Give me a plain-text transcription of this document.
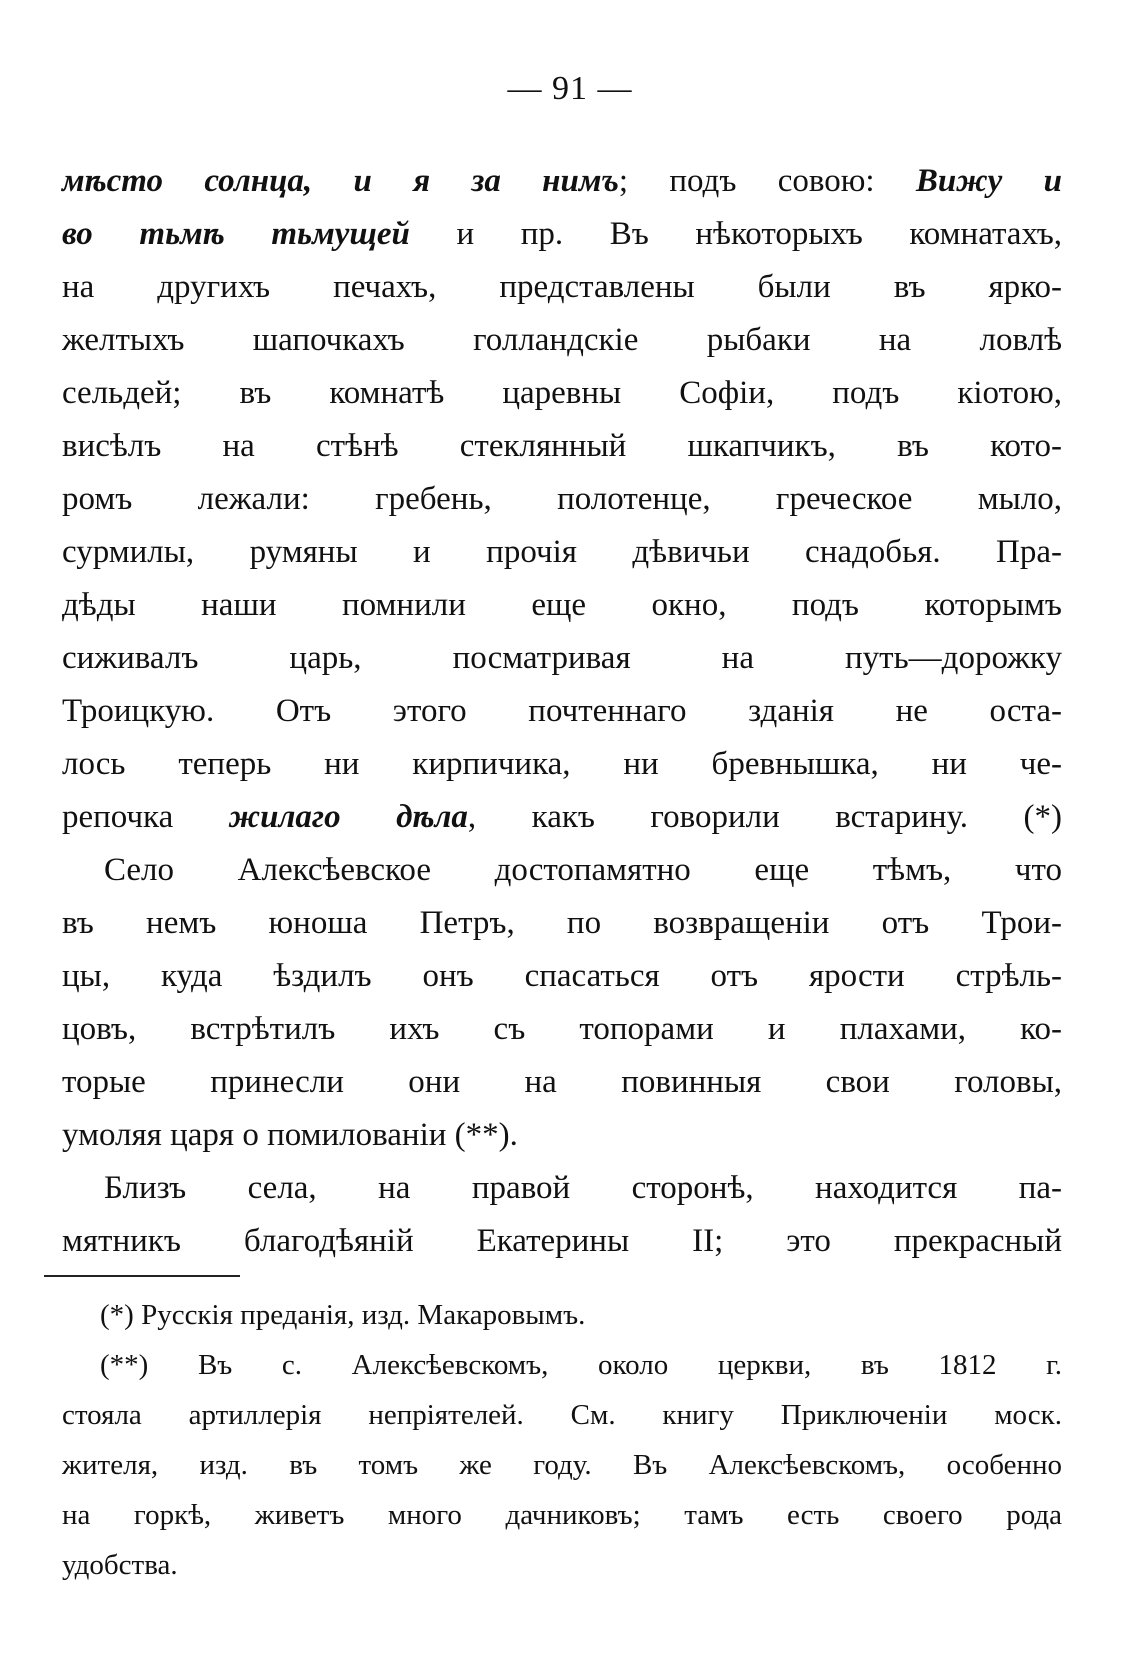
— 91 —
мѣсто солнца, и я за нимъ; подъ совою: Вижу и
во тьмѣ тьмущей и пр. Въ нѣкоторыхъ комнатахъ,
на другихъ печахъ, представлены были въ ярко-
желтыхъ шапочкахъ голландскіе рыбаки на ловлѣ
сельдей; въ комнатѣ царевны Софіи, подъ кіотою,
висѣлъ на стѣнѣ стеклянный шкапчикъ, въ кото-
ромъ лежали: гребень, полотенце, греческое мыло,
сурмилы, румяны и прочія дѣвичьи снадобья. Пра-
дѣды наши помнили еще окно, подъ которымъ
сиживалъ царь, посматривая на путь—дорожку
Троицкую. Отъ этого почтеннаго зданія не оста-
лось теперь ни кирпичика, ни бревнышка, ни че-
репочка жилаго дѣла, какъ говорили встарину. (*)
Село Алексѣевское достопамятно еще тѣмъ, что
въ немъ юноша Петръ, по возвращеніи отъ Трои-
цы, куда ѣздилъ онъ спасаться отъ ярости стрѣль-
цовъ, встрѣтилъ ихъ съ топорами и плахами, ко-
торые принесли они на повинныя свои головы,
умоляя царя о помилованіи (**).
Близъ села, на правой сторонѣ, находится па-
мятникъ благодѣяній Екатерины II; это прекрасный
(*) Русскія преданія, изд. Макаровымъ.
(**) Въ с. Алексѣевскомъ, около церкви, въ 1812 г.
стояла артиллерія непріятелей. См. книгу Приключеніи моск.
жителя, изд. въ томъ же году. Въ Алексѣевскомъ, особенно
на горкѣ, живетъ много дачниковъ; тамъ есть своего рода
удобства.
